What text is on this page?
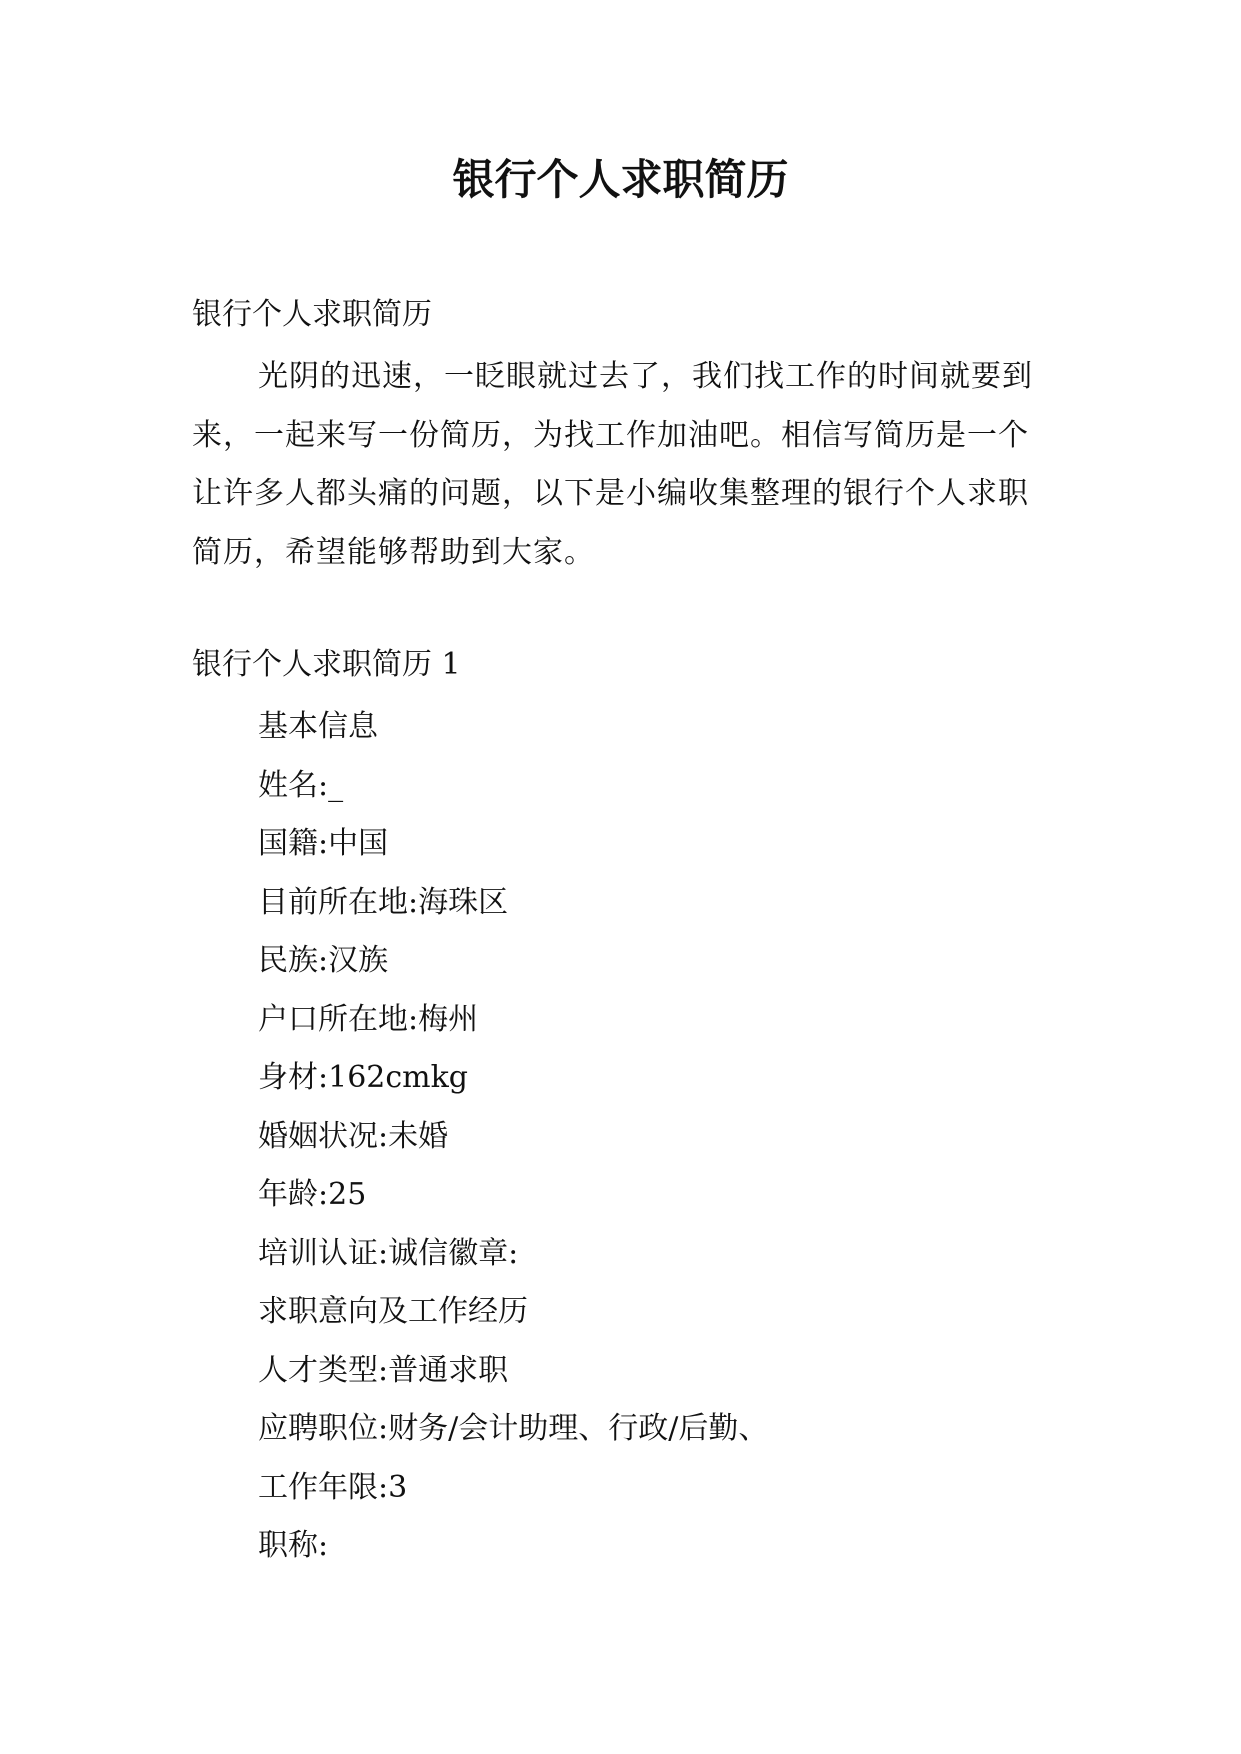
银行个人求职简历

银行个人求职简历

光阴的迅速，一眨眼就过去了，我们找工作的时间就要到来，一起来写一份简历，为找工作加油吧。相信写简历是一个让许多人都头痛的问题，以下是小编收集整理的银行个人求职简历，希望能够帮助到大家。

银行个人求职简历 1

基本信息
姓名:_
国籍:中国
目前所在地:海珠区
民族:汉族
户口所在地:梅州
身材:162cmkg
婚姻状况:未婚
年龄:25
培训认证:诚信徽章:
求职意向及工作经历
人才类型:普通求职
应聘职位:财务/会计助理、行政/后勤、
工作年限:3
职称:
